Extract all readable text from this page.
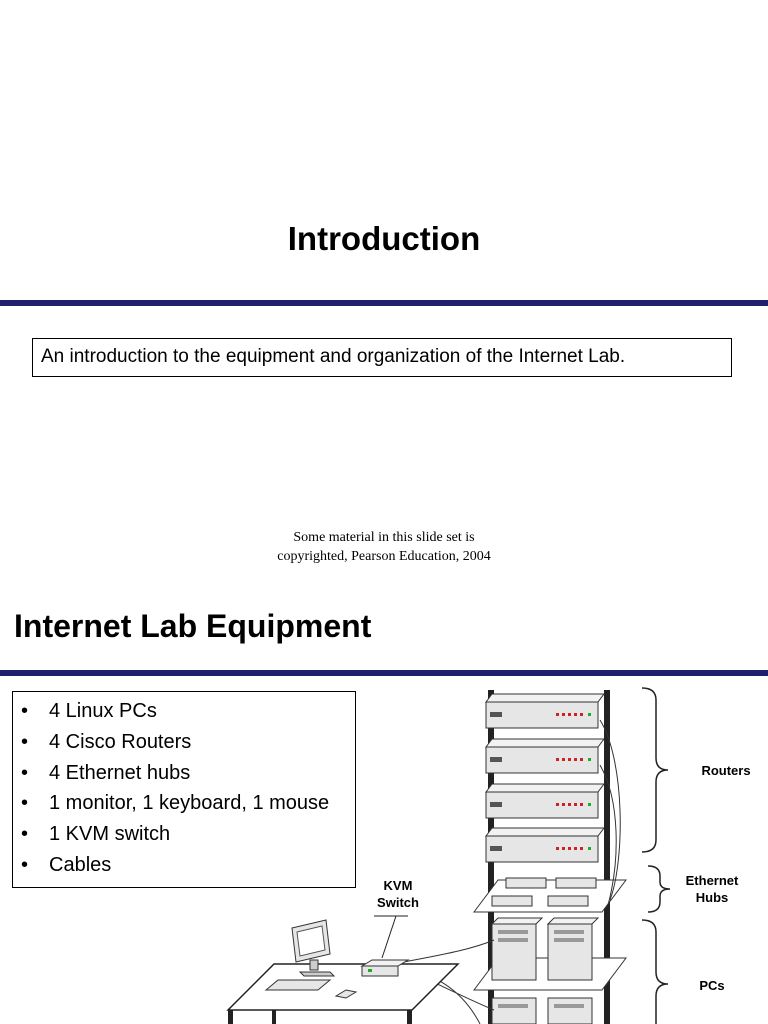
Introduction
An introduction to the equipment and organization of the Internet Lab.
Some material in this slide set is
copyrighted, Pearson Education, 2004
Internet Lab Equipment
• 4 Linux PCs
• 4 Cisco Routers
• 4 Ethernet hubs
• 1 monitor, 1 keyboard, 1 mouse
• 1 KVM switch
• Cables
Routers
Ethernet
Hubs
PCs
KVM
Switch
